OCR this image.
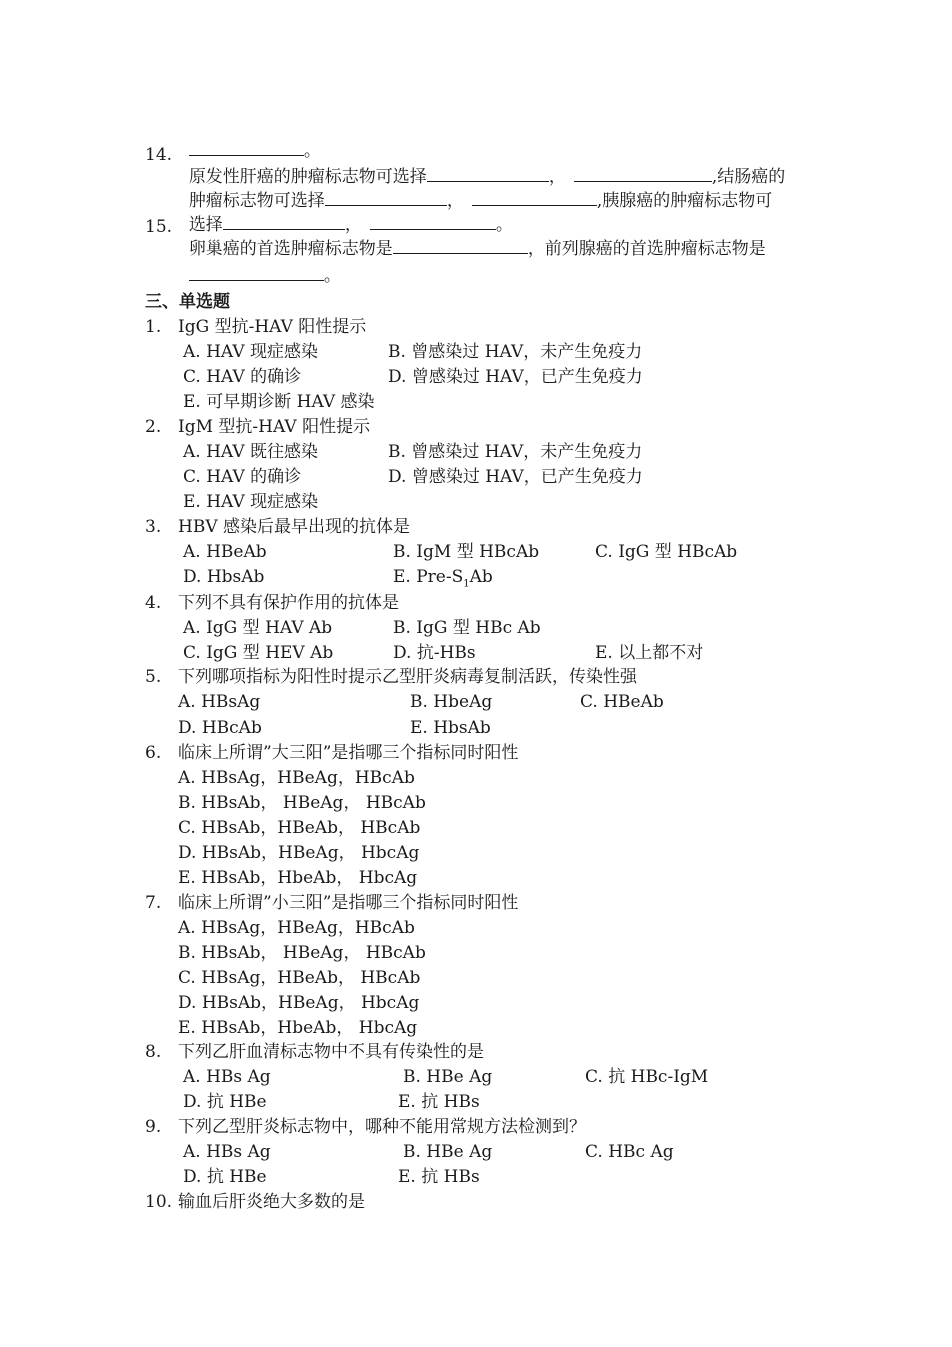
。

14.

原发性肝癌的肿瘤标志物可选择	，	,结肠癌的

肿瘤标志物可选择	，	,胰腺癌的肿瘤标志物可

选择	，	。

15.

卵巢癌的首选肿瘤标志物是	，前列腺癌的首选肿瘤标志物是

。

三、单选题
1. IgG 型抗-HAV 阳性提示
A. HAV 现症感染	B. 曾感染过 HAV，未产生免疫力
C. HAV 的确诊	D. 曾感染过 HAV，已产生免疫力
E. 可早期诊断 HAV 感染
2. IgM 型抗-HAV 阳性提示
A. HAV 既往感染	B. 曾感染过 HAV，未产生免疫力
C. HAV 的确诊	D. 曾感染过 HAV，已产生免疫力
E. HAV 现症感染
3. HBV 感染后最早出现的抗体是
A. HBeAb	B. IgM 型 HBcAb	C. IgG 型 HBcAb
D. HbsAb	E. Pre-$S_1Ab$
4. 下列不具有保护作用的抗体是
A. IgG 型 HAV Ab	B. IgG 型 HBc Ab
C. IgG 型 HEV Ab	D. 抗-HBs	E. 以上都不对
5. 下列哪项指标为阳性时提示乙型肝炎病毒复制活跃，传染性强
A. HBsAg	B. HbeAg	C. HBeAb
D. HBcAb	E. HbsAb
6. 临床上所谓”大三阳”是指哪三个指标同时阳性
A. HBsAg，HBeAg，HBcAb
B. HBsAb， HBeAg， HBcAb
C. HBsAb，HBeAb， HBcAb
D. HBsAb，HBeAg， HbcAg
E. HBsAb，HbeAb， HbcAg
7. 临床上所谓”小三阳”是指哪三个指标同时阳性
A. HBsAg，HBeAg，HBcAb
B. HBsAb， HBeAg， HBcAb
C. HBsAg，HBeAb， HBcAb
D. HBsAb，HBeAg， HbcAg
E. HBsAb，HbeAb， HbcAg
8. 下列乙肝血清标志物中不具有传染性的是
A. HBs Ag	B. HBe Ag	C. 抗 HBc-IgM
D. 抗 HBe	E. 抗 HBs
9. 下列乙型肝炎标志物中，哪种不能用常规方法检测到？
A. HBs Ag	B. HBe Ag	C. HBc Ag
D. 抗 HBe	E. 抗 HBs
10. 输血后肝炎绝大多数的是
